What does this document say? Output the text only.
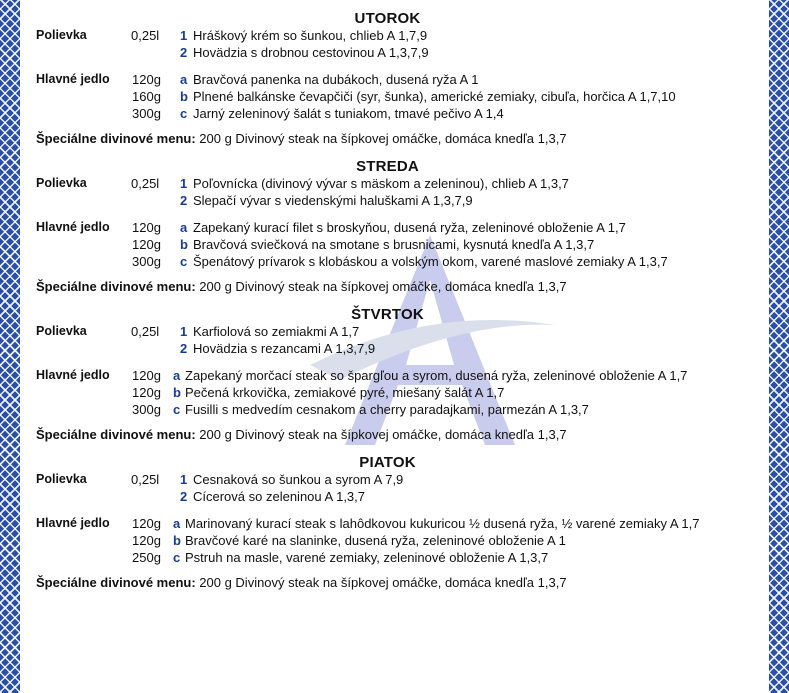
UTOROK
Polievka	0,25l 1 Hráškový krém so šunkou, chlieb A 1,7,9
2 Hovädzia s drobnou cestovinou A 1,3,7,9
Hlavné jedlo 120g a Bravčová panenka na dubákoch, dusená ryža A 1
160g b Plnené balkánske čevapčiči (syr, šunka), americké zemiaky, cibuľa, horčica A 1,7,10
300g c Jarný zeleninový šalát s tuniakom, tmavé pečivo A 1,4
Špeciálne divinové menu: 200 g Divinový steak na šípkovej omáčke, domáca knedľa 1,3,7
STREDA
Polievka	0,25l 1 Poľovnícka (divinový vývar s mäskom a zeleninou), chlieb A 1,3,7
2 Slepačí vývar s viedenskými haluškami A 1,3,7,9
Hlavné jedlo 120g a Zapekaný kurací filet s broskyňou, dusená ryža, zeleninové obloženie A 1,7
120g b Bravčová sviečková na smotane s brusnicami, kysnutá knedľa A 1,3,7
300g c Špenátový prívarok s klobáskou a volským okom, varené maslové zemiaky A 1,3,7
Špeciálne divinové menu: 200 g Divinový steak na šípkovej omáčke, domáca knedľa 1,3,7
ŠTVRTOK
Polievka	0,25l 1 Karfiolová so zemiakmi A 1,7
2 Hovädzia s rezancami A 1,3,7,9
Hlavné jedlo 120g a Zapekaný morčací steak so špargľou a syrom, dusená ryža, zeleninové obloženie A 1,7
120g b Pečená krkovička, zemiakové pyré, miešaný šalát A 1,7
300g c Fusilli s medvedím cesnakom a cherry paradajkami, parmezán A 1,3,7
Špeciálne divinové menu: 200 g Divinový steak na šípkovej omáčke, domáca knedľa 1,3,7
PIATOK
Polievka	0,25l 1 Cesnaková so šunkou a syrom A 7,9
2 Cícerová so zeleninou A 1,3,7
Hlavné jedlo 120g a Marinovaný kurací steak s lahôdkovou kukuricou ½ dusená ryža, ½ varené zemiaky A 1,7
120g b Bravčové karé na slaninke, dusená ryža, zeleninové obloženie A 1
250g c Pstruh na masle, varené zemiaky, zeleninové obloženie A 1,3,7
Špeciálne divinové menu: 200 g Divinový steak na šípkovej omáčke, domáca knedľa 1,3,7
